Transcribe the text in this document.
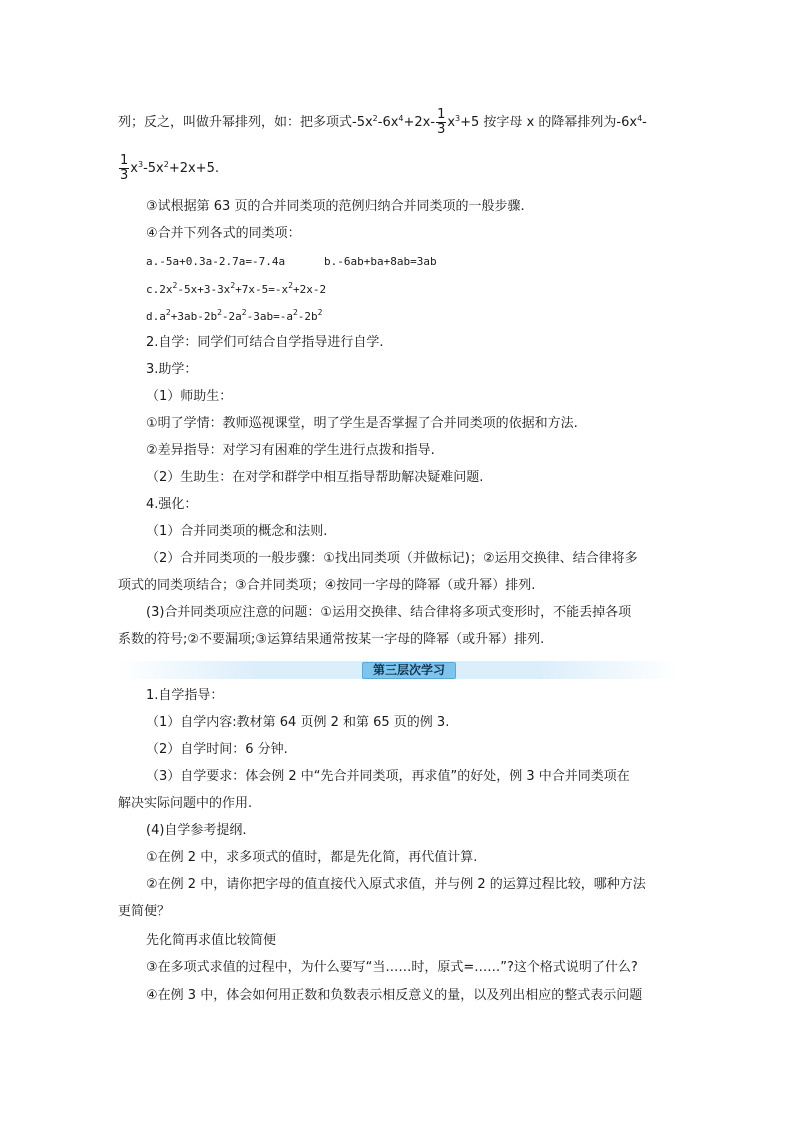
列；反之，叫做升幂排列，如：把多项式$-5x^2-6x^4+2x- \frac{1}{3} x^3+5$ 按字母 x 的降幂排列为$-6x^4-$
$\frac{1}{3} x^3-5x^2+2x+5$.
③试根据第 63 页的合并同类项的范例归纳合并同类项的一般步骤.
④合并下列各式的同类项：
a.-5a+0.3a-2.7a=-7.4a	b.-6ab+ba+8ab=3ab
$c.2x^2-5x+3-3x^2+7x-5=-x^2+2x-2$
$d.a^2+3ab-2b^2-2a^2-3ab=-a^2-2b^2$
2.自学：同学们可结合自学指导进行自学.
3.助学：
（1）师助生：
①明了学情：教师巡视课堂，明了学生是否掌握了合并同类项的依据和方法.
②差异指导：对学习有困难的学生进行点拨和指导.
（2）生助生：在对学和群学中相互指导帮助解决疑难问题.
4.强化：
（1）合并同类项的概念和法则.
（2）合并同类项的一般步骤：①找出同类项（并做标记)；②运用交换律、结合律将多
项式的同类项结合；③合并同类项；④按同一字母的降幂（或升幂）排列.
(3)合并同类项应注意的问题：①运用交换律、结合律将多项式变形时，不能丢掉各项
系数的符号;②不要漏项;③运算结果通常按某一字母的降幂（或升幂）排列.
第三层次学习
1.自学指导：
（1）自学内容:教材第 64 页例 2 和第 65 页的例 3.
（2）自学时间：6 分钟.
（3）自学要求：体会例 2 中“先合并同类项，再求值”的好处，例 3 中合并同类项在
解决实际问题中的作用.
(4)自学参考提纲.
①在例 2 中，求多项式的值时，都是先化简，再代值计算.
②在例 2 中，请你把字母的值直接代入原式求值，并与例 2 的运算过程比较，哪种方法
更简便？
先化简再求值比较简便
③在多项式求值的过程中，为什么要写“当……时，原式=……”?这个格式说明了什么?
④在例 3 中，体会如何用正数和负数表示相反意义的量，以及列出相应的整式表示问题
